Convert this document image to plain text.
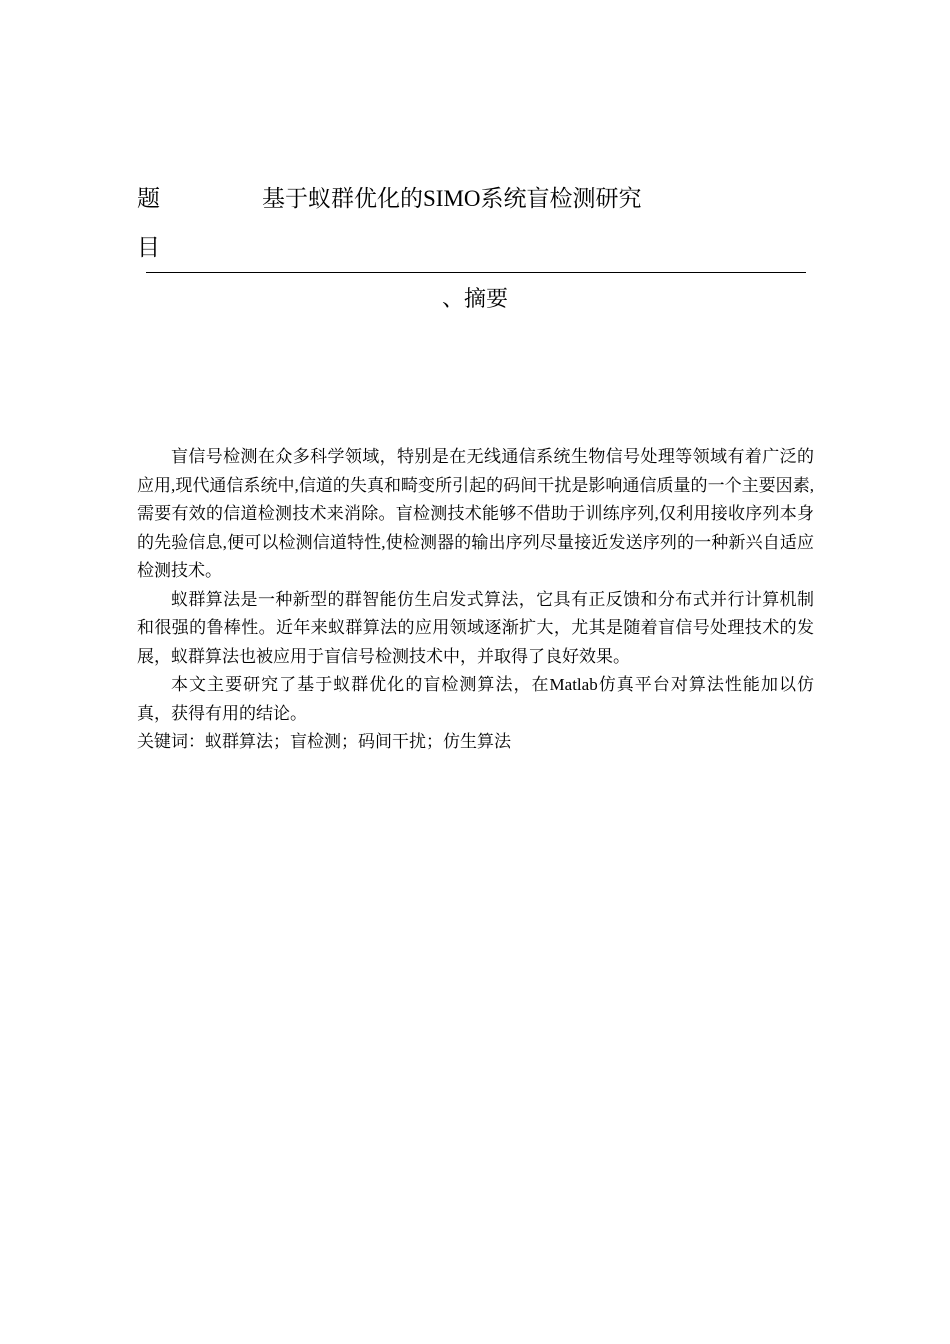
题
目
基于蚁群优化的SIMO系统盲检测研究
、摘要

盲信号检测在众多科学领域，特别是在无线通信系统生物信号处理等领域有着广泛的应用,现代通信系统中,信道的失真和畸变所引起的码间干扰是影响通信质量的一个主要因素,需要有效的信道检测技术来消除。盲检测技术能够不借助于训练序列,仅利用接收序列本身的先验信息,便可以检测信道特性,使检测器的输出序列尽量接近发送序列的一种新兴自适应检测技术。

蚁群算法是一种新型的群智能仿生启发式算法，它具有正反馈和分布式并行计算机制和很强的鲁棒性。近年来蚁群算法的应用领域逐渐扩大，尤其是随着盲信号处理技术的发展，蚁群算法也被应用于盲信号检测技术中，并取得了良好效果。

本文主要研究了基于蚁群优化的盲检测算法，在Matlab仿真平台对算法性能加以仿真，获得有用的结论。

关键词：蚁群算法；盲检测；码间干扰；仿生算法
